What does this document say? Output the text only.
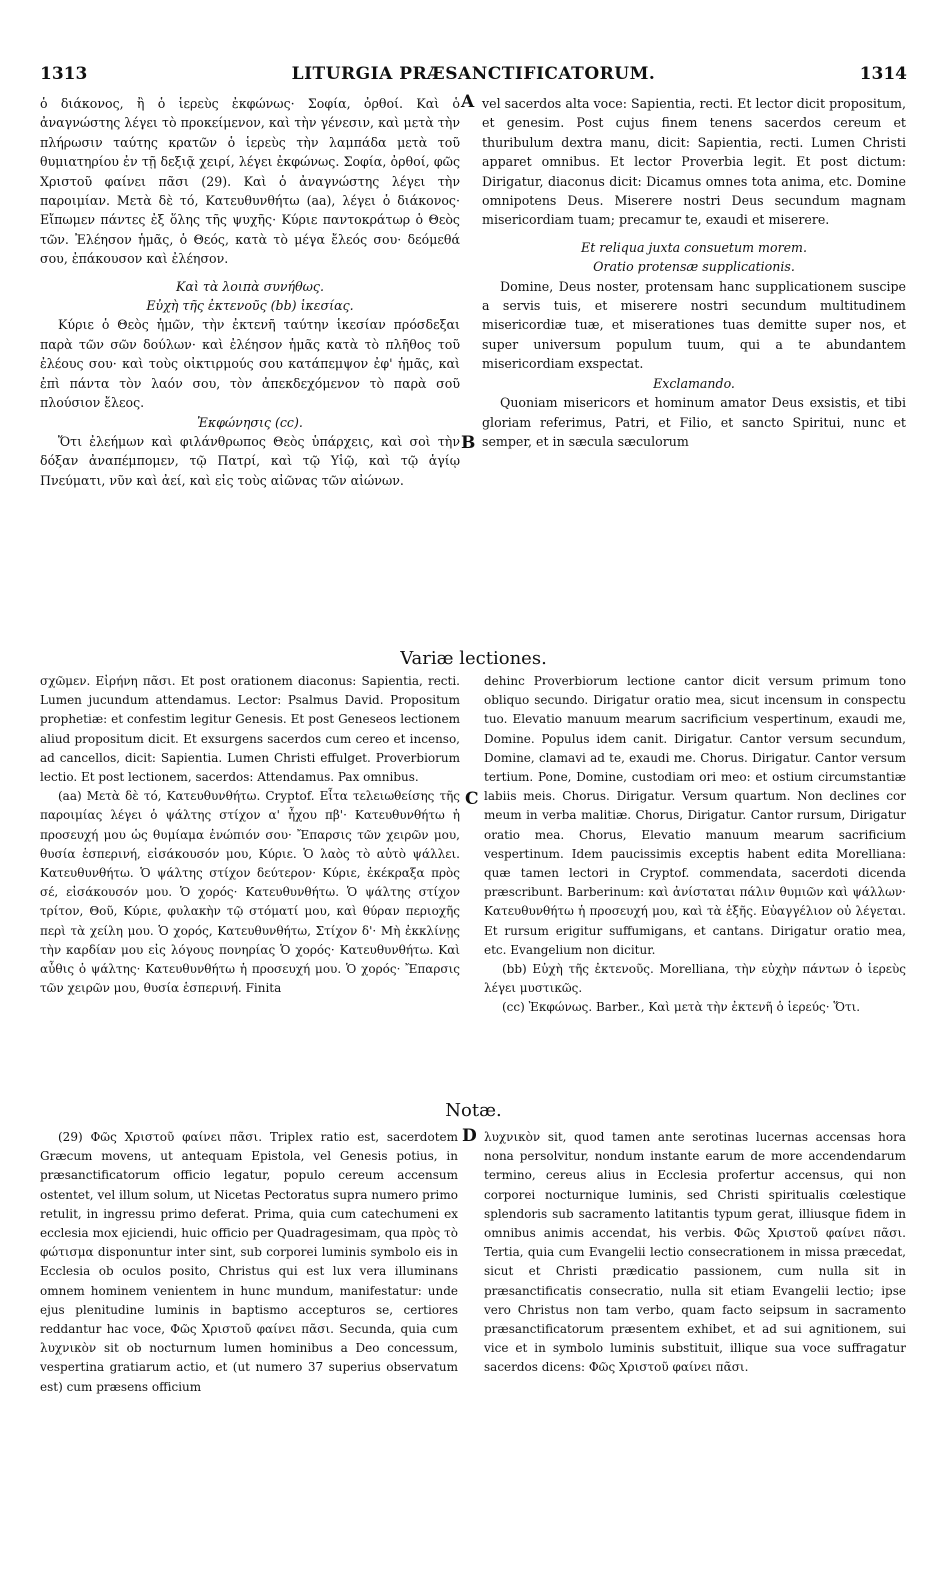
1313	LITURGIA PRÆSANCTIFICATORUM.	1314

ὁ διάκονος, ἢ ὁ ἱερεὺς ἐκφώνως· Σοφία, ὀρθοί. Καὶ ὁ ἀναγνώστης λέγει τὸ προκείμενον, καὶ τὴν γένεσιν, καὶ μετὰ τὴν πλήρωσιν ταύτης κρατῶν ὁ ἱερεὺς τὴν λαμπάδα μετὰ τοῦ θυμιατηρίου ἐν τῇ δεξιᾷ χειρί, λέγει ἐκφώνως. Σοφία, ὀρθοί, φῶς Χριστοῦ φαίνει πᾶσι (29). Καὶ ὁ ἀναγνώστης λέγει τὴν παροιμίαν. Μετὰ δὲ τό, Κατευθυνθήτω (aa), λέγει ὁ διάκονος· Εἴπωμεν πάντες ἐξ ὅλης τῆς ψυχῆς· Κύριε παντοκράτωρ ὁ Θεὸς τῶν. Ἐλέησον ἡμᾶς, ὁ Θεός, κατὰ τὸ μέγα ἔλεός σου· δεόμεθά σου, ἐπάκουσον καὶ ἐλέησον.

Καὶ τὰ λοιπὰ συνήθως.

Εὐχὴ τῆς ἐκτενοῦς (bb) ἱκεσίας.

Κύριε ὁ Θεὸς ἡμῶν, τὴν ἐκτενῆ ταύτην ἱκεσίαν πρόσδεξαι παρὰ τῶν σῶν δούλων· καὶ ἐλέησον ἡμᾶς κατὰ τὸ πλῆθος τοῦ ἐλέους σου· καὶ τοὺς οἰκτιρμούς σου κατάπεμψον ἐφ' ἡμᾶς, καὶ ἐπὶ πάντα τὸν λαόν σου, τὸν ἀπεκδεχόμενον τὸ παρὰ σοῦ πλούσιον ἔλεος.

Ἐκφώνησις (cc).

Ὅτι ἐλεήμων καὶ φιλάνθρωπος Θεὸς ὑπάρχεις, καὶ σοὶ τὴν δόξαν ἀναπέμπομεν, τῷ Πατρί, καὶ τῷ Υἱῷ, καὶ τῷ ἁγίῳ Πνεύματι, νῦν καὶ ἀεί, καὶ εἰς τοὺς αἰῶνας τῶν αἰώνων.

A
B

vel sacerdos alta voce: Sapientia, recti. Et lector dicit propositum, et genesim. Post cujus finem tenens sacerdos cereum et thuribulum dextra manu, dicit: Sapientia, recti. Lumen Christi apparet omnibus. Et lector Proverbia legit. Et post dictum: Dirigatur, diaconus dicit: Dicamus omnes tota anima, etc. Domine omnipotens Deus. Miserere nostri Deus secundum magnam misericordiam tuam; precamur te, exaudi et miserere.

Et reliqua juxta consuetum morem.

Oratio protensæ supplicationis.

Domine, Deus noster, protensam hanc supplicationem suscipe a servis tuis, et miserere nostri secundum multitudinem misericordiæ tuæ, et miserationes tuas demitte super nos, et super universum populum tuum, qui a te abundantem misericordiam exspectat.

Exclamando.

Quoniam misericors et hominum amator Deus exsistis, et tibi gloriam referimus, Patri, et Filio, et sancto Spiritui, nunc et semper, et in sæcula sæculorum

Variæ lectiones.

σχῶμεν. Εἰρήνη πᾶσι. Et post orationem diaconus: Sapientia, recti. Lumen jucundum attendamus. Lector: Psalmus David. Propositum prophetiæ: et confestim legitur Genesis. Et post Geneseos lectionem aliud propositum dicit. Et exsurgens sacerdos cum cereo et incenso, ad cancellos, dicit: Sapientia. Lumen Christi effulget. Proverbiorum lectio. Et post lectionem, sacerdos: Attendamus. Pax omnibus.

(aa) Μετὰ δὲ τό, Κατευθυνθήτω. Cryptof. Εἶτα τελειωθείσης τῆς παροιμίας λέγει ὁ ψάλτης στίχον α' ἦχου πβ'· Κατευθυνθήτω ἡ προσευχή μου ὡς θυμίαμα ἐνώπιόν σου· Ἔπαρσις τῶν χειρῶν μου, θυσία ἑσπερινή, εἰσάκουσόν μου, Κύριε. Ὁ λαὸς τὸ αὐτὸ ψάλλει. Κατευθυνθήτω. Ὁ ψάλτης στίχον δεύτερον· Κύριε, ἐκέκραξα πρὸς σέ, εἰσάκουσόν μου. Ὁ χορός· Κατευθυνθήτω. Ὁ ψάλτης στίχον τρίτον, Θοῦ, Κύριε, φυλακὴν τῷ στόματί μου, καὶ θύραν περιοχῆς περὶ τὰ χείλη μου. Ὁ χορός, Κατευθυνθήτω, Στίχον δ'· Μὴ ἐκκλίνῃς τὴν καρδίαν μου εἰς λόγους πονηρίας Ὁ χορός· Κατευθυνθήτω. Καὶ αὖθις ὁ ψάλτης· Κατευθυνθήτω ἡ προσευχή μου. Ὁ χορός· Ἔπαρσις τῶν χειρῶν μου, θυσία ἑσπερινή. Finita

C

dehinc Proverbiorum lectione cantor dicit versum primum tono obliquo secundo. Dirigatur oratio mea, sicut incensum in conspectu tuo. Elevatio manuum mearum sacrificium vespertinum, exaudi me, Domine. Populus idem canit. Dirigatur. Cantor versum secundum, Domine, clamavi ad te, exaudi me. Chorus. Dirigatur. Cantor versum tertium. Pone, Domine, custodiam ori meo: et ostium circumstantiæ labiis meis. Chorus. Dirigatur. Versum quartum. Non declines cor meum in verba malitiæ. Chorus, Dirigatur. Cantor rursum, Dirigatur oratio mea. Chorus, Elevatio manuum mearum sacrificium vespertinum. Idem paucissimis exceptis habent edita Morelliana: quæ tamen lectori in Cryptof. commendata, sacerdoti dicenda præscribunt. Barberinum: καὶ ἀνίσταται πάλιν θυμιῶν καὶ ψάλλων· Κατευθυνθήτω ἡ προσευχή μου, καὶ τὰ ἑξῆς. Εὐαγγέλιον οὐ λέγεται. Et rursum erigitur suffumigans, et cantans. Dirigatur oratio mea, etc. Evangelium non dicitur.

(bb) Εὐχὴ τῆς ἐκτενοῦς. Morelliana, τὴν εὐχὴν πάντων ὁ ἱερεὺς λέγει μυστικῶς.

(cc) Ἐκφώνως. Barber., Καὶ μετὰ τὴν ἐκτενῆ ὁ ἱερεύς· Ὅτι.

Notæ.

(29) Φῶς Χριστοῦ φαίνει πᾶσι. Triplex ratio est, sacerdotem Græcum movens, ut antequam Epistola, vel Genesis potius, in præsanctificatorum officio legatur, populo cereum accensum ostentet, vel illum solum, ut Nicetas Pectoratus supra numero primo retulit, in ingressu primo deferat. Prima, quia cum catechumeni ex ecclesia mox ejiciendi, huic officio per Quadragesimam, qua πρὸς τὸ φώτισμα disponuntur inter sint, sub corporei luminis symbolo eis in Ecclesia ob oculos posito, Christus qui est lux vera illuminans omnem hominem venientem in hunc mundum, manifestatur: unde ejus plenitudine luminis in baptismo accepturos se, certiores reddantur hac voce, Φῶς Χριστοῦ φαίνει πᾶσι. Secunda, quia cum λυχνικὸν sit ob nocturnum lumen hominibus a Deo concessum, vespertina gratiarum actio, et (ut numero 37 superius observatum est) cum præsens officium

D λυχνικὸν sit, quod tamen ante serotinas lucernas accensas hora nona persolvitur, nondum instante earum de more accendendarum termino, cereus alius in Ecclesia profertur accensus, qui non corporei nocturnique luminis, sed Christi spiritualis cœlestique splendoris sub sacramento latitantis typum gerat, illiusque fidem in omnibus animis accendat, his verbis. Φῶς Χριστοῦ φαίνει πᾶσι. Tertia, quia cum Evangelii lectio consecrationem in missa præcedat, sicut et Christi prædicatio passionem, cum nulla sit in præsanctificatis consecratio, nulla sit etiam Evangelii lectio; ipse vero Christus non tam verbo, quam facto seipsum in sacramento præsanctificatorum præsentem exhibet, et ad sui agnitionem, sui vice et in symbolo luminis substituit, illique sua voce suffragatur sacerdos dicens: Φῶς Χριστοῦ φαίνει πᾶσι.
